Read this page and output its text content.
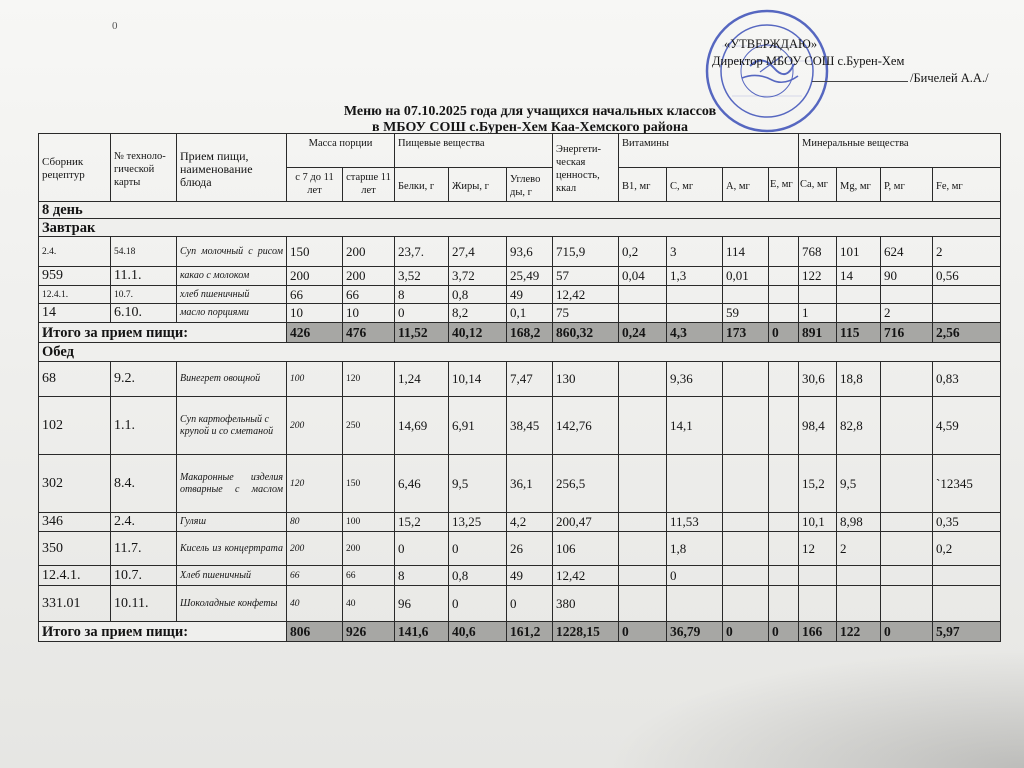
0
«УТВЕРЖДАЮ»
Директор МБОУ СОШ с.Бурен-Хем
/Бичелей А.А./
Меню на 07.10.2025 года для учащихся начальных классов
в МБОУ СОШ с.Бурен-Хем Каа-Хемского района
Сборник рецептур	№ техноло-гической карты	Прием пищи, наименование блюда	Масса порции		Пищевые вещества			Энергети-ческая ценность, ккал	Витамины				Минеральные вещества			
			с 7 до 11 лет	старше 11 лет	Белки, г	Жиры, г	Углево ды, г		В1, мг	С, мг	А, мг	Е, мг	Са, мг	Mg, мг	Р, мг	Fe, мг
8 день																
Завтрак																
2.4.	54.18	Суп молочный с рисом	150	200	23,7.	27,4	93,6	715,9	0,2	3	114		768	101	624	2
959	11.1.	какао с молоком	200	200	3,52	3,72	25,49	57	0,04	1,3	0,01		122	14	90	0,56
12.4.1.	10.7.	хлеб пшеничный	66	66	8	0,8	49	12,42								
14	6.10.	масло порциями	10	10	0	8,2	0,1	75			59		1		2	
Итого за прием пищи:			426	476	11,52	40,12	168,2	860,32	0,24	4,3	173	0	891	115	716	2,56
Обед																
68	9.2.	Винегрет овощной	100	120	1,24	10,14	7,47	130		9,36			30,6	18,8		0,83
102	1.1.	Суп картофельный с крупой и со сметаной	200	250	14,69	6,91	38,45	142,76		14,1			98,4	82,8		4,59
302	8.4.	Макаронные изделия отварные с маслом	120	150	6,46	9,5	36,1	256,5					15,2	9,5		`12345
346	2.4.	Гуляш	80	100	15,2	13,25	4,2	200,47		11,53			10,1	8,98		0,35
350	11.7.	Кисель из концертрата	200	200	0	0	26	106		1,8			12	2		0,2
12.4.1.	10.7.	Хлеб пшеничный	66	66	8	0,8	49	12,42		0						
331.01	10.11.	Шоколадные конфеты	40	40	96	0	0	380								
Итого за прием пищи:			806	926	141,6	40,6	161,2	1228,15	0	36,79	0	0	166	122	0	5,97
